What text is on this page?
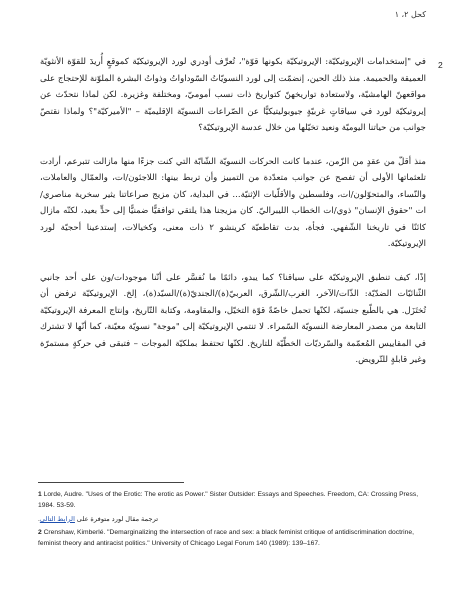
كحل ٢، ١
2

في "إستخدامات الإيروتيكيّة: الإيروتيكيّة بكونها قوّة"، تُعرِّف أودري لورد الإيروتيكيّة كموقعٍ أُريدَ للقوّة الأنثويّة العميقة والحميمة. منذ ذلك الحين، إنضمّت إلى لورد النسويّاتُ السّوداواتُ وذواتُ البشرة الملوّنة للإحتجاج على مواقعهنّ الهامشيّة، ولاستعادة تواريخهنّ كتواريخ ذات نسب أموميّ، ومختلفة وغزيرة. لكن لماذا نتحدّث عن إيروتيكيّة لورد في سياقاتٍ غربيّةٍ جيوبوليتيكيًّا عن الصّراعات النسويّة الإقليميّة – "الأميركيّة"؟ ولماذا نقتصّ جوانب من حياتنا اليوميّة ونعيد تخيّلها من خلال عدسة الإيروتيكيّة؟

منذ أقلّ من عقدٍ من الزّمن، عندما كانت الحركات النسويّة الشّابّة التي كنت جزءًا منها مازالت تتبرعم، أرادت تلعثماتها الأولى أن تفصح عن جوانب متعدّدة من التمييز وأن تربط بينها: اللاجئون/ات، والعمّال والعاملات، والنّساء، والمتحوّلون/ات، وفلسطين والأقلّيات الإثنيّة... في البداية، كان مزيج صراعاتنا يثير سخرية مناصري/ات "حقوق الإنسان" ذوي/ات الخطاب الليبراليّ. كان مزيجنا هذا يلتقي توافقيًّا ضمنيًّا إلى حدٍّ بعيد، لكنّه مازال كائنًا في تاريخنا الشّفهي. فجأة، بدت تقاطعيّة كرينشو ٢ ذات معنى، وكخيالات، إستدعينا أحجيّة لورد الإيروتيكيّة.

إذًا، كيف تنطبق الإيروتيكيّة على سياقنا؟ كما يبدو، دائمًا ما نُفسَّر على أنّنا موجودات/ون على أحد جانبي الثّنائيّات الضدّيّة: الذّات/الآخر، الغرب/الشّرق، العربيّ(ة)/الجنديّ(ة)/السيّد(ة)، إلخ. الإيروتيكيّة ترفض أن تُختَزَل. هي بالطّبع جنسيّة، لكنّها تحمل خاصّةً قوّة التخيّل، والمقاومة، وكتابة التّاريخ، وإنتاج المعرفة الإيروتيكيّة التابعة من مصدر المعارضة النسويّة السّمراء. لا تنتمي الإيروتيكيّة إلى "موجة" نسويّة معيّنة، كما أنّها لا تشترك في المقاييس المُعمّمة والسّرديّات الخطّيّة للتاريخ. لكنّها تحتفظ بملكيّة الموجات – فتبقى في حركةٍ مستمرّة وغير قابلةٍ للتّرويض.

1 Lorde, Audre. "Uses of the Erotic: The erotic as Power." Sister Outsider: Essays and Speeches. Freedom, CA: Crossing Press, 1984. 53-59.

ترجمة مقال لورد متوفرة على الرابط التالي.

2 Crenshaw, Kimberlé. "Demarginalizing the intersection of race and sex: a black feminist critique of antidiscrimination doctrine, feminist theory and antiracist politics." University of Chicago Legal Forum 140 (1989): 139–167.
